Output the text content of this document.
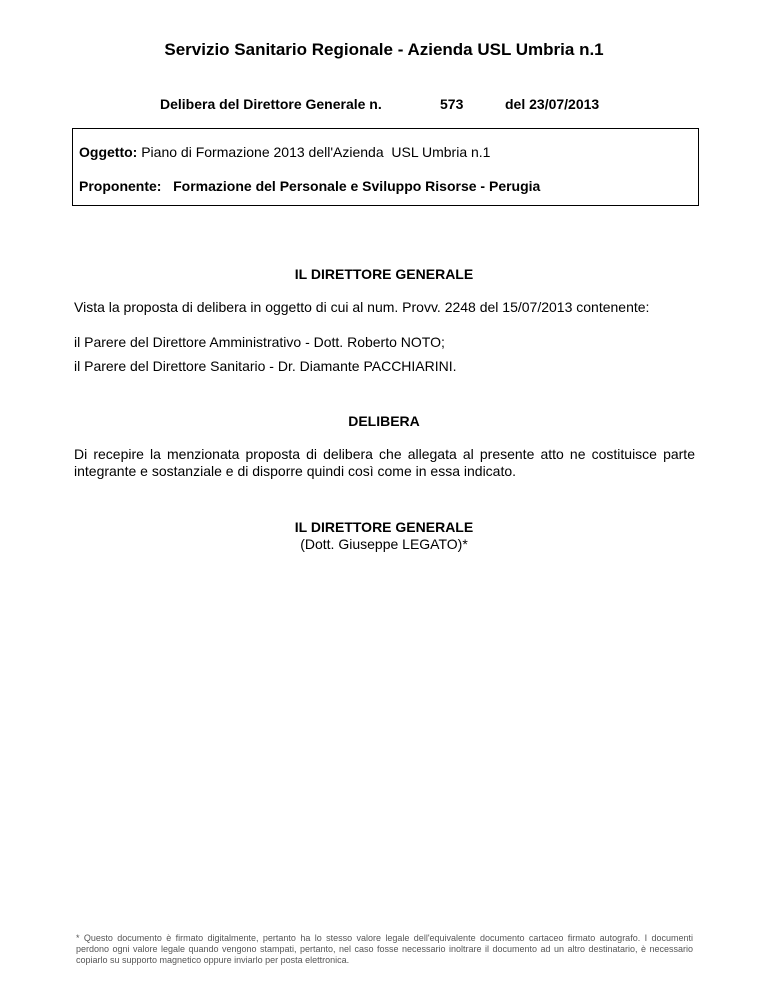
Servizio Sanitario Regionale - Azienda USL Umbria n.1
Delibera del Direttore Generale n.	573	del 23/07/2013
Oggetto: Piano di Formazione 2013 dell'Azienda  USL Umbria n.1
Proponente:   Formazione del Personale e Sviluppo Risorse - Perugia
IL DIRETTORE GENERALE
Vista la proposta di delibera in oggetto di cui al num. Provv. 2248 del 15/07/2013 contenente:
il Parere del Direttore Amministrativo - Dott. Roberto NOTO;
il Parere del Direttore Sanitario - Dr. Diamante PACCHIARINI.
DELIBERA
Di recepire la menzionata proposta di delibera che allegata al presente atto ne costituisce parte integrante e sostanziale e di disporre quindi così come in essa indicato.
IL DIRETTORE GENERALE
(Dott. Giuseppe LEGATO)*
* Questo documento è firmato digitalmente, pertanto ha lo stesso valore legale dell'equivalente documento cartaceo firmato autografo. I documenti perdono ogni valore legale quando vengono stampati, pertanto, nel caso fosse necessario inoltrare il documento ad un altro destinatario, è necessario copiarlo su supporto magnetico oppure inviarlo per posta elettronica.
